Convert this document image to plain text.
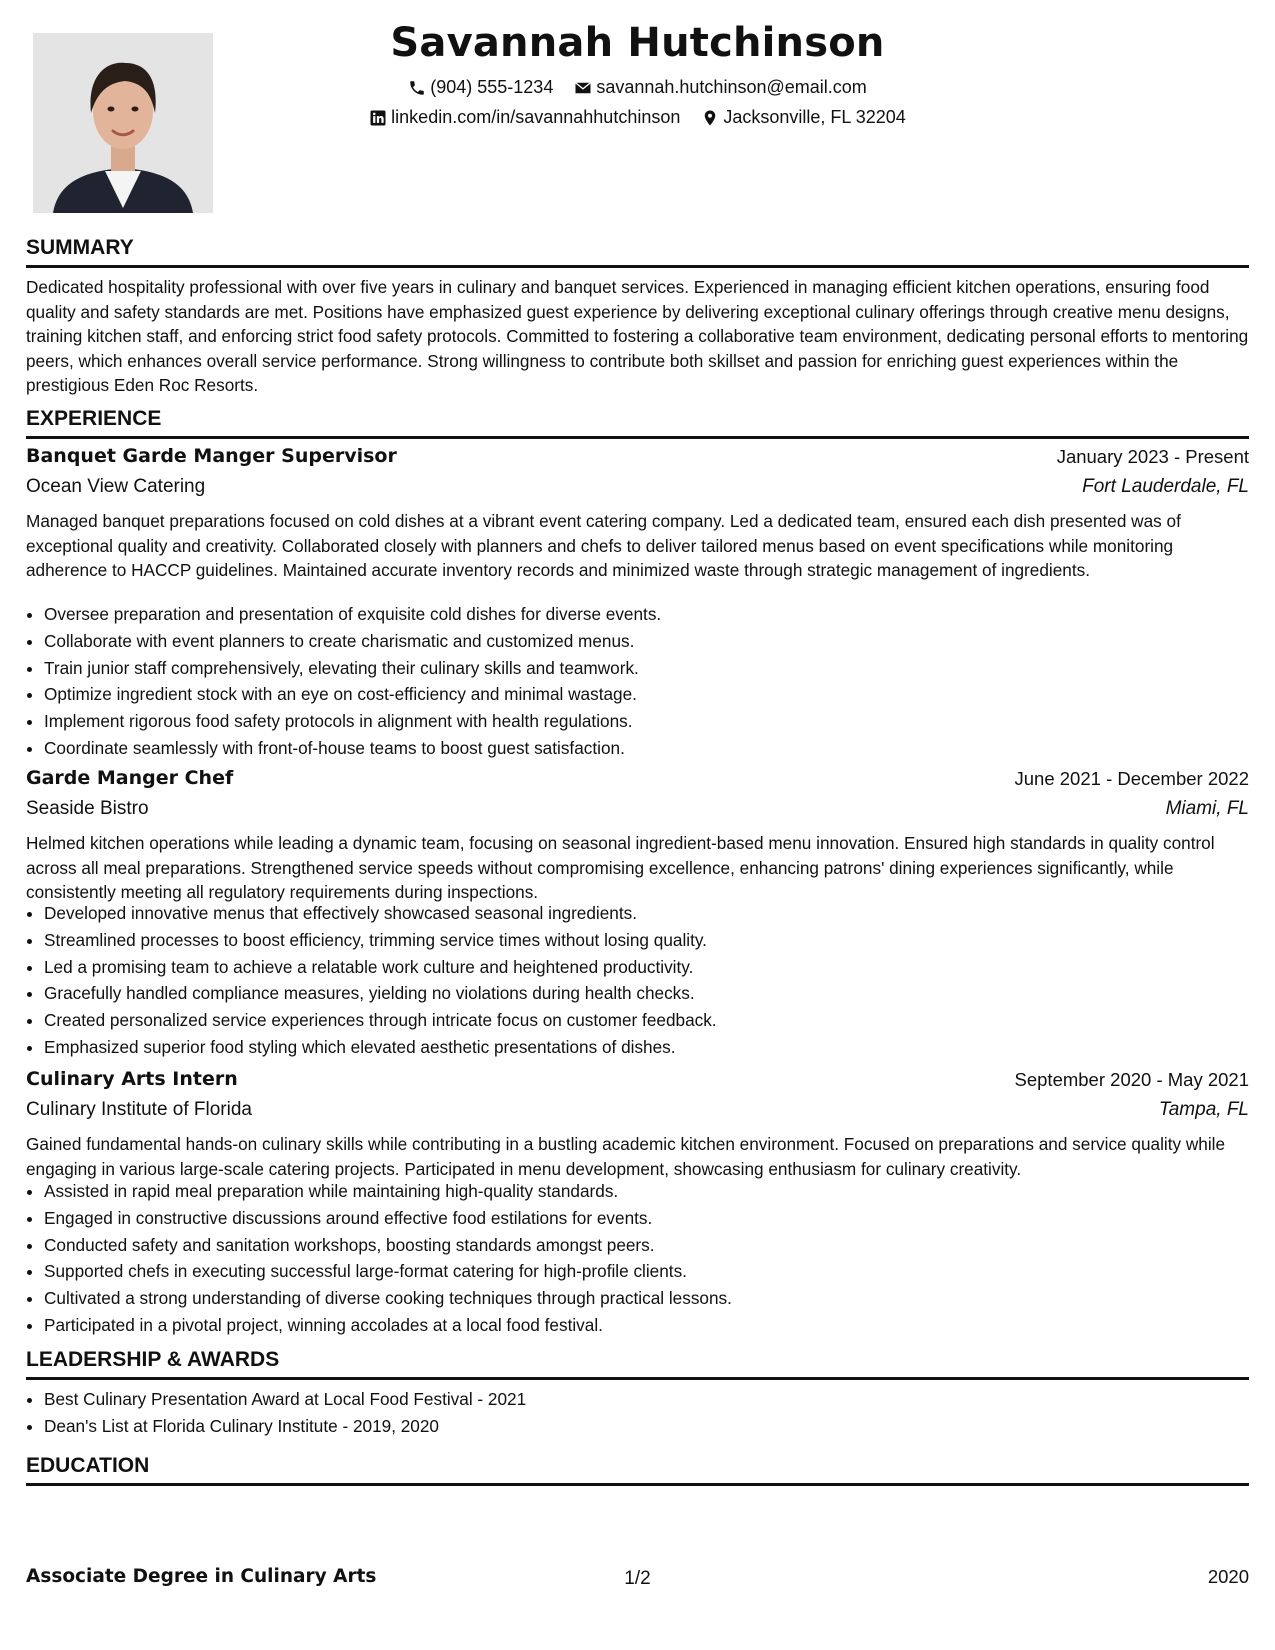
Savannah Hutchinson
(904) 555-1234
savannah.hutchinson@email.com
linkedin.com/in/savannahhutchinson
Jacksonville, FL 32204
SUMMARY
Dedicated hospitality professional with over five years in culinary and banquet services. Experienced in managing efficient kitchen operations, ensuring food quality and safety standards are met. Positions have emphasized guest experience by delivering exceptional culinary offerings through creative menu designs, training kitchen staff, and enforcing strict food safety protocols. Committed to fostering a collaborative team environment, dedicating personal efforts to mentoring peers, which enhances overall service performance. Strong willingness to contribute both skillset and passion for enriching guest experiences within the prestigious Eden Roc Resorts.
EXPERIENCE
Banquet Garde Manger Supervisor	January 2023 - Present
Ocean View Catering	Fort Lauderdale, FL
Managed banquet preparations focused on cold dishes at a vibrant event catering company. Led a dedicated team, ensured each dish presented was of exceptional quality and creativity. Collaborated closely with planners and chefs to deliver tailored menus based on event specifications while monitoring adherence to HACCP guidelines. Maintained accurate inventory records and minimized waste through strategic management of ingredients.
• Oversee preparation and presentation of exquisite cold dishes for diverse events.
• Collaborate with event planners to create charismatic and customized menus.
• Train junior staff comprehensively, elevating their culinary skills and teamwork.
• Optimize ingredient stock with an eye on cost-efficiency and minimal wastage.
• Implement rigorous food safety protocols in alignment with health regulations.
• Coordinate seamlessly with front-of-house teams to boost guest satisfaction.
Garde Manger Chef	June 2021 - December 2022
Seaside Bistro	Miami, FL
Helmed kitchen operations while leading a dynamic team, focusing on seasonal ingredient-based menu innovation. Ensured high standards in quality control across all meal preparations. Strengthened service speeds without compromising excellence, enhancing patrons' dining experiences significantly, while consistently meeting all regulatory requirements during inspections.
• Developed innovative menus that effectively showcased seasonal ingredients.
• Streamlined processes to boost efficiency, trimming service times without losing quality.
• Led a promising team to achieve a relatable work culture and heightened productivity.
• Gracefully handled compliance measures, yielding no violations during health checks.
• Created personalized service experiences through intricate focus on customer feedback.
• Emphasized superior food styling which elevated aesthetic presentations of dishes.
Culinary Arts Intern	September 2020 - May 2021
Culinary Institute of Florida	Tampa, FL
Gained fundamental hands-on culinary skills while contributing in a bustling academic kitchen environment. Focused on preparations and service quality while engaging in various large-scale catering projects. Participated in menu development, showcasing enthusiasm for culinary creativity.
• Assisted in rapid meal preparation while maintaining high-quality standards.
• Engaged in constructive discussions around effective food estilations for events.
• Conducted safety and sanitation workshops, boosting standards amongst peers.
• Supported chefs in executing successful large-format catering for high-profile clients.
• Cultivated a strong understanding of diverse cooking techniques through practical lessons.
• Participated in a pivotal project, winning accolades at a local food festival.
LEADERSHIP & AWARDS
• Best Culinary Presentation Award at Local Food Festival - 2021
• Dean's List at Florida Culinary Institute - 2019, 2020
EDUCATION
Associate Degree in Culinary Arts	2020
1/2
